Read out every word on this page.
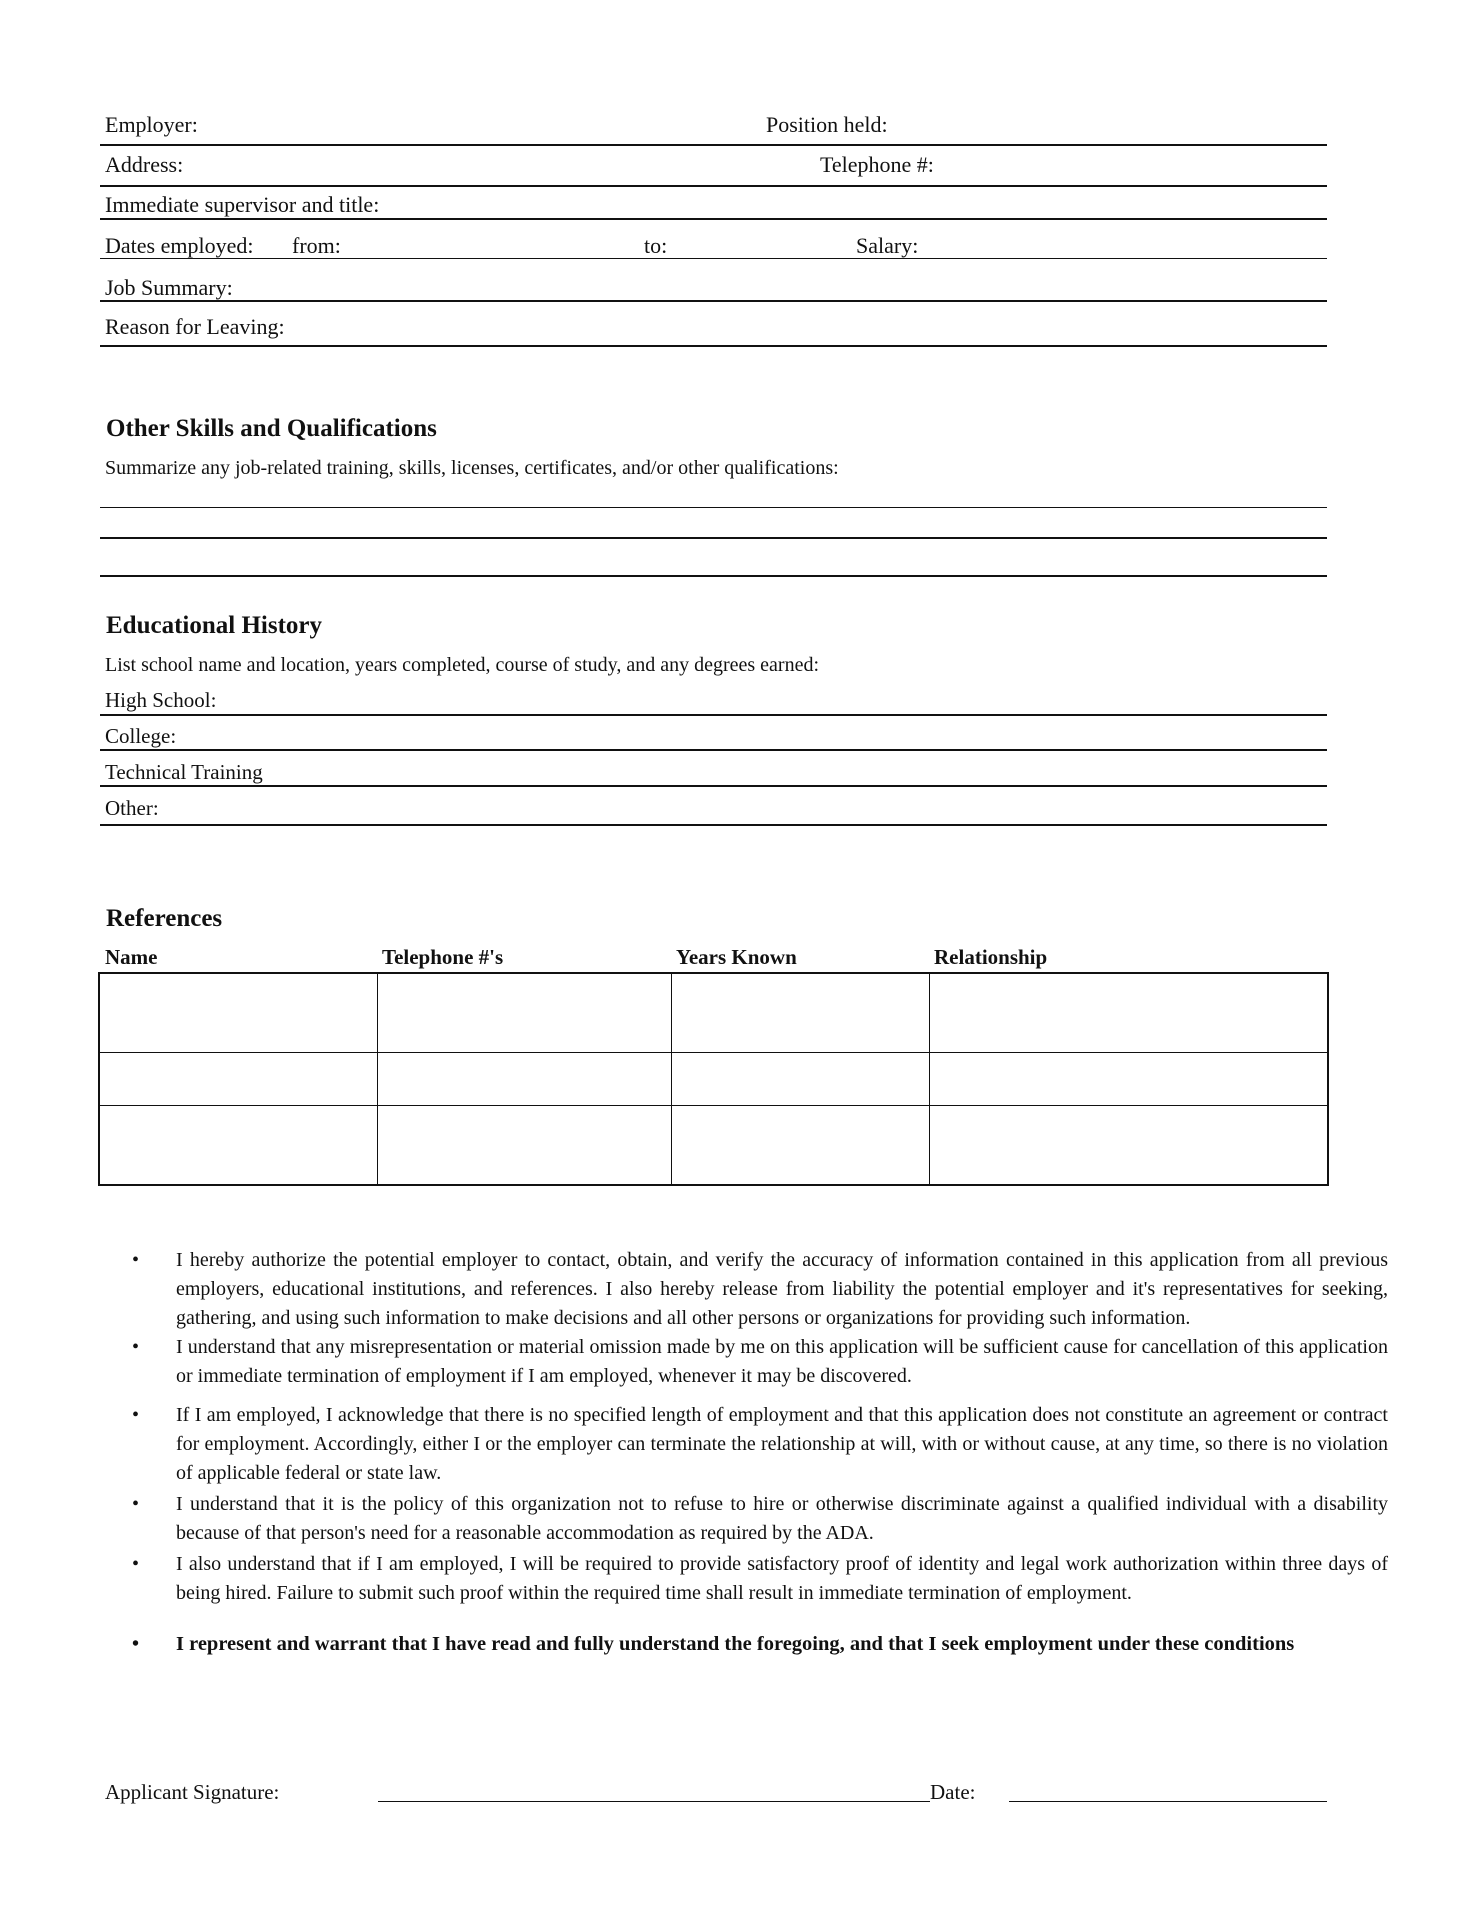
Employer:	Position held:
Address:	Telephone #:
Immediate supervisor and title:
Dates employed: from:	to:	Salary:
Job Summary:
Reason for Leaving:
Other Skills and Qualifications
Summarize any job-related training, skills, licenses, certificates, and/or other qualifications:
Educational History
List school name and location, years completed, course of study, and any degrees earned:
High School:
College:
Technical Training
Other:
References
Name	Telephone #'s	Years Known	Relationship

• I hereby authorize the potential employer to contact, obtain, and verify the accuracy of information contained in this application from all previous employers, educational institutions, and references. I also hereby release from liability the potential employer and it's representatives for seeking, gathering, and using such information to make decisions and all other persons or organizations for providing such information.

• I understand that any misrepresentation or material omission made by me on this application will be sufficient cause for cancellation of this application or immediate termination of employment if I am employed, whenever it may be discovered.

• If I am employed, I acknowledge that there is no specified length of employment and that this application does not constitute an agreement or contract for employment. Accordingly, either I or the employer can terminate the relationship at will, with or without cause, at any time, so there is no violation of applicable federal or state law.

• I understand that it is the policy of this organization not to refuse to hire or otherwise discriminate against a qualified individual with a disability because of that person's need for a reasonable accommodation as required by the ADA.

• I also understand that if I am employed, I will be required to provide satisfactory proof of identity and legal work authorization within three days of being hired. Failure to submit such proof within the required time shall result in immediate termination of employment.

• I represent and warrant that I have read and fully understand the foregoing, and that I seek employment under these conditions

Applicant Signature:	Date:
